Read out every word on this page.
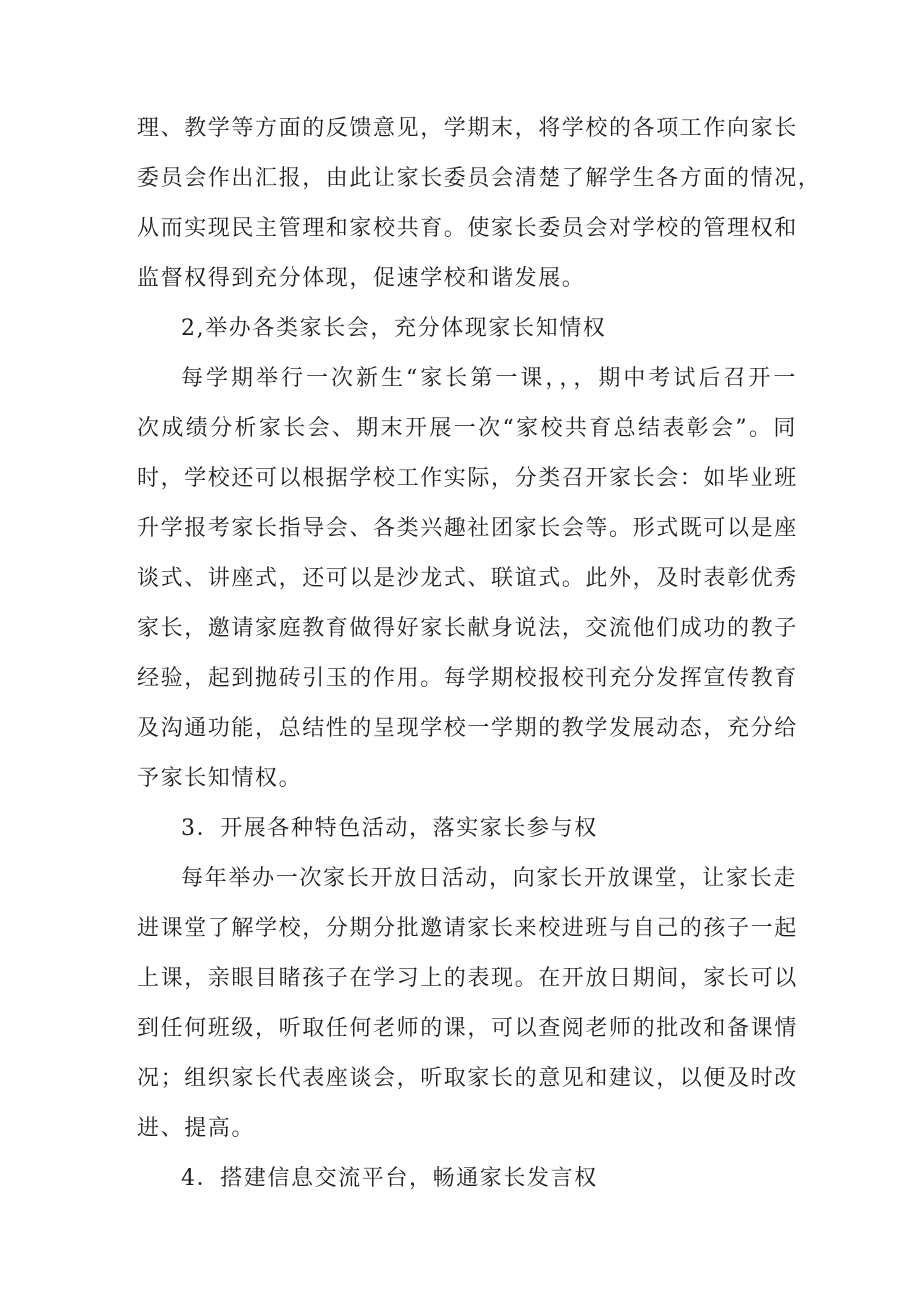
理、教学等方面的反馈意见，学期末，将学校的各项工作向家长
委员会作出汇报，由此让家长委员会清楚了解学生各方面的情况，
从而实现民主管理和家校共育。使家长委员会对学校的管理权和
监督权得到充分体现，促速学校和谐发展。
2,举办各类家长会，充分体现家长知情权
每学期举行一次新生“家长第一课，，，期中考试后召开一
次成绩分析家长会、期末开展一次“家校共育总结表彰会”。同
时，学校还可以根据学校工作实际，分类召开家长会：如毕业班
升学报考家长指导会、各类兴趣社团家长会等。形式既可以是座
谈式、讲座式，还可以是沙龙式、联谊式。此外，及时表彰优秀
家长，邀请家庭教育做得好家长献身说法，交流他们成功的教子
经验，起到抛砖引玉的作用。每学期校报校刊充分发挥宣传教育
及沟通功能，总结性的呈现学校一学期的教学发展动态，充分给
予家长知情权。
3．开展各种特色活动，落实家长参与权
每年举办一次家长开放日活动，向家长开放课堂，让家长走
进课堂了解学校，分期分批邀请家长来校进班与自己的孩子一起
上课，亲眼目睹孩子在学习上的表现。在开放日期间，家长可以
到任何班级，听取任何老师的课，可以查阅老师的批改和备课情
况；组织家长代表座谈会，听取家长的意见和建议，以便及时改
进、提高。
4．搭建信息交流平台，畅通家长发言权
